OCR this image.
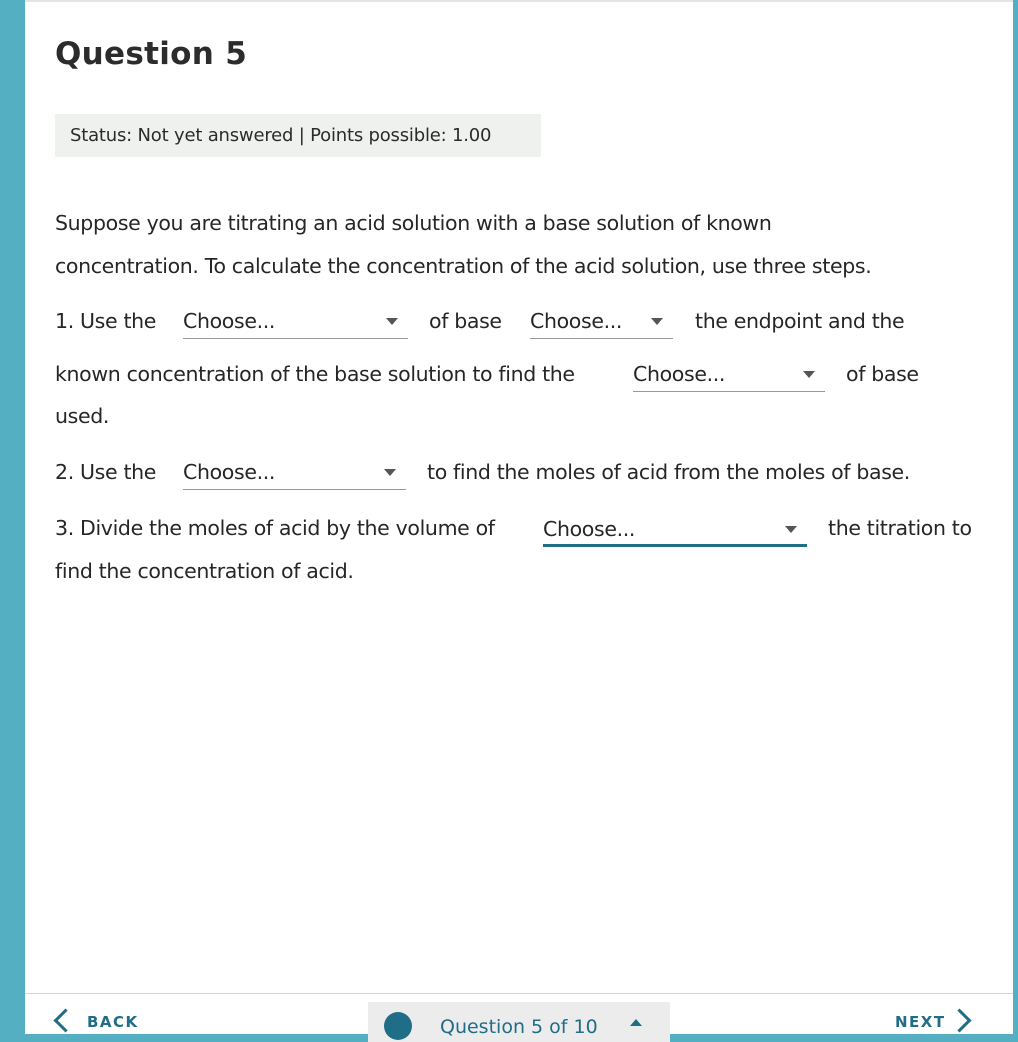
Question 5
Status: Not yet answered | Points possible: 1.00

Suppose you are titrating an acid solution with a base solution of known

concentration. To calculate the concentration of the acid solution, use three steps.

1. Use the Choose...	of base Choose...	the endpoint and the

known concentration of the base solution to find the	Choose...	of base

used.

2. Use the Choose...	to find the moles of acid from the moles of base.

3. Divide the moles of acid by the volume of Choose...	the titration to

find the concentration of acid.

BACK	Question 5 of 10	NEXT
